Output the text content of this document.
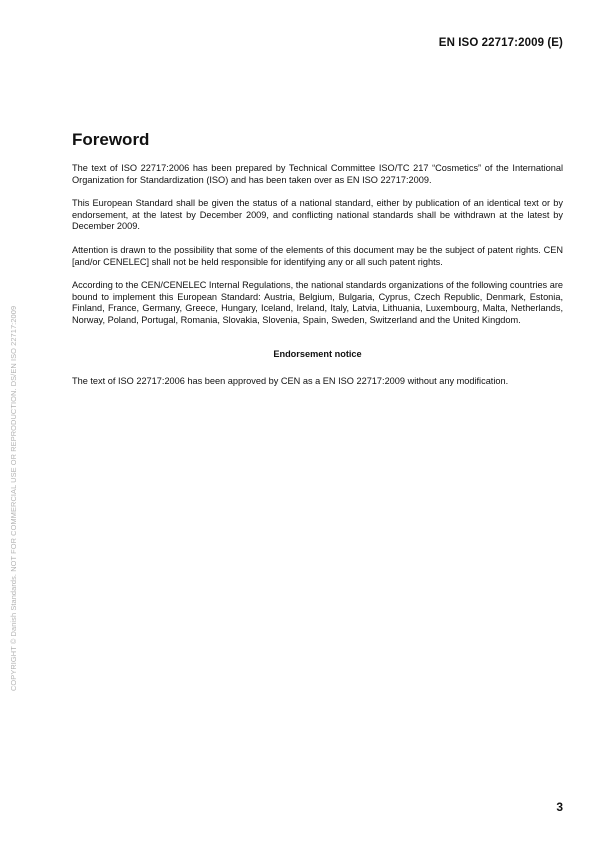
EN ISO 22717:2009 (E)
Foreword

The text of ISO 22717:2006 has been prepared by Technical Committee ISO/TC 217 “Cosmetics” of the International Organization for Standardization (ISO) and has been taken over as EN ISO 22717:2009.

This European Standard shall be given the status of a national standard, either by publication of an identical text or by endorsement, at the latest by December 2009, and conflicting national standards shall be withdrawn at the latest by December 2009.

Attention is drawn to the possibility that some of the elements of this document may be the subject of patent rights. CEN [and/or CENELEC] shall not be held responsible for identifying any or all such patent rights.

According to the CEN/CENELEC Internal Regulations, the national standards organizations of the following countries are bound to implement this European Standard: Austria, Belgium, Bulgaria, Cyprus, Czech Republic, Denmark, Estonia, Finland, France, Germany, Greece, Hungary, Iceland, Ireland, Italy, Latvia, Lithuania, Luxembourg, Malta, Netherlands, Norway, Poland, Portugal, Romania, Slovakia, Slovenia, Spain, Sweden, Switzerland and the United Kingdom.

Endorsement notice

The text of ISO 22717:2006 has been approved by CEN as a EN ISO 22717:2009 without any modification.

COPYRIGHT © Danish Standards. NOT FOR COMMERCIAL USE OR REPRODUCTION. DS/EN ISO 22717:2009
3
